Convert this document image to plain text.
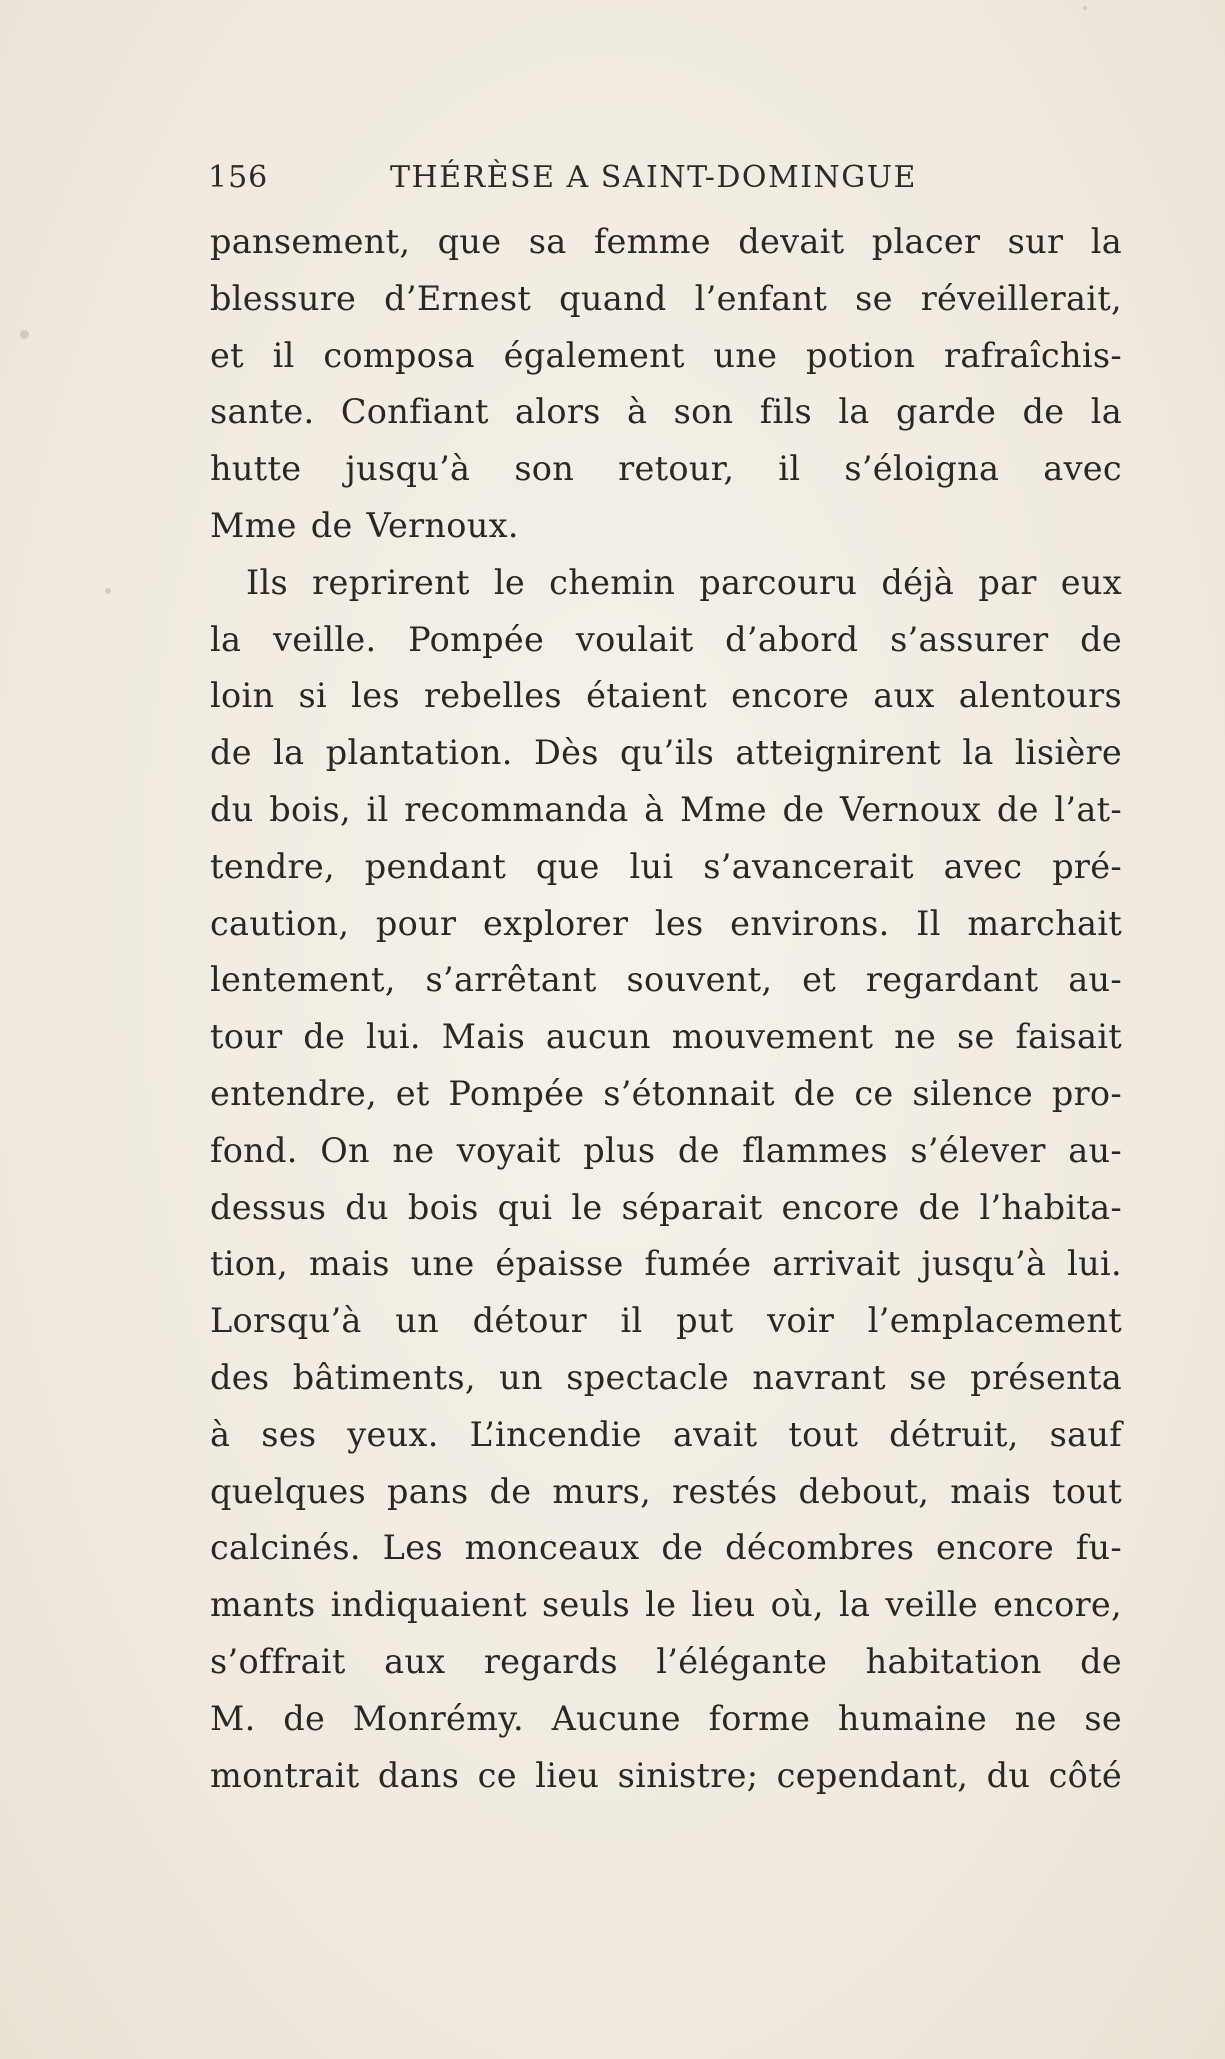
156	THÉRÈSE A SAINT-DOMINGUE
pansement, que sa femme devait placer sur la
blessure d’Ernest quand l’enfant se réveillerait,
et il composa également une potion rafraîchis-
sante. Confiant alors à son fils la garde de la
hutte jusqu’à son retour, il s’éloigna avec
Mme de Vernoux.
Ils reprirent le chemin parcouru déjà par eux
la veille. Pompée voulait d’abord s’assurer de
loin si les rebelles étaient encore aux alentours
de la plantation. Dès qu’ils atteignirent la lisière
du bois, il recommanda à Mme de Vernoux de l’at-
tendre, pendant que lui s’avancerait avec pré-
caution, pour explorer les environs. Il marchait
lentement, s’arrêtant souvent, et regardant au-
tour de lui. Mais aucun mouvement ne se faisait
entendre, et Pompée s’étonnait de ce silence pro-
fond. On ne voyait plus de flammes s’élever au-
dessus du bois qui le séparait encore de l’habita-
tion, mais une épaisse fumée arrivait jusqu’à lui.
Lorsqu’à un détour il put voir l’emplacement
des bâtiments, un spectacle navrant se présenta
à ses yeux. L’incendie avait tout détruit, sauf
quelques pans de murs, restés debout, mais tout
calcinés. Les monceaux de décombres encore fu-
mants indiquaient seuls le lieu où, la veille encore,
s’offrait aux regards l’élégante habitation de
M. de Monrémy. Aucune forme humaine ne se
montrait dans ce lieu sinistre; cependant, du côté
